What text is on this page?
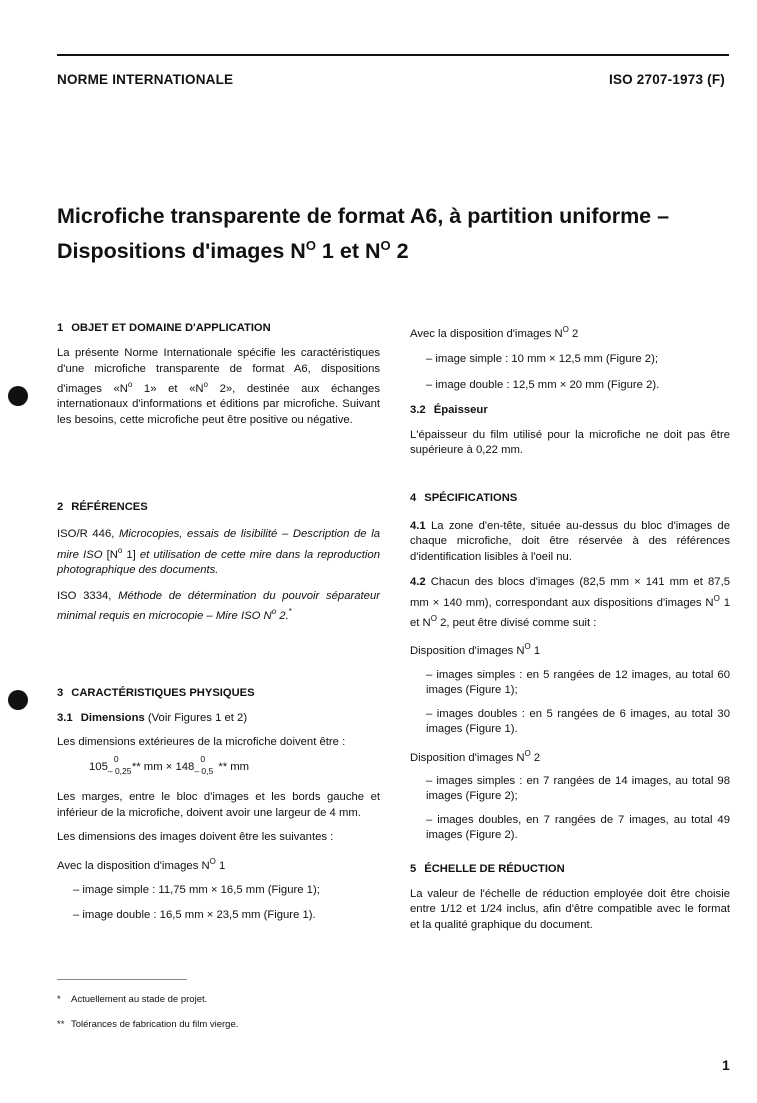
NORME INTERNATIONALE	ISO 2707-1973 (F)
Microfiche transparente de format A6, à partition uniforme –
Dispositions d'images $N^O$ 1 et $N^O$ 2

1 OBJET ET DOMAINE D'APPLICATION

La présente Norme Internationale spécifie les caractéristiques d'une microfiche transparente de format A6, dispositions d'images «$N^o$ 1» et «$N^o$ 2», destinée aux échanges internationaux d'informations et éditions par microfiche. Suivant les besoins, cette microfiche peut être positive ou négative.

2 RÉFÉRENCES

ISO/R 446, Microcopies, essais de lisibilité – Description de la mire ISO [$N^o$ 1] et utilisation de cette mire dans la reproduction photographique des documents.

ISO 3334, Méthode de détermination du pouvoir séparateur minimal requis en microcopie – Mire ISO $N^o$ 2.*

3 CARACTÉRISTIQUES PHYSIQUES

3.1 Dimensions (Voir Figures 1 et 2)

Les dimensions extérieures de la microfiche doivent être :

105
0
– 0,25 ** mm × 148
0
– 0,5 ** mm

Les marges, entre le bloc d'images et les bords gauche et inférieur de la microfiche, doivent avoir une largeur de 4 mm.

Les dimensions des images doivent être les suivantes :

Avec la disposition d'images $N^O$ 1

– image simple : 11,75 mm × 16,5 mm (Figure 1);

– image double : 16,5 mm × 23,5 mm (Figure 1).

Avec la disposition d'images $N^O$ 2

– image simple : 10 mm × 12,5 mm (Figure 2);

– image double : 12,5 mm × 20 mm (Figure 2).

3.2 Épaisseur

L'épaisseur du film utilisé pour la microfiche ne doit pas être supérieure à 0,22 mm.

4 SPÉCIFICATIONS

4.1 La zone d'en-tête, située au-dessus du bloc d'images de chaque microfiche, doit être réservée à des références d'identification lisibles à l'oeil nu.

4.2 Chacun des blocs d'images (82,5 mm × 141 mm et 87,5 mm × 140 mm), correspondant aux dispositions d'images $N^O$ 1 et $N^O$ 2, peut être divisé comme suit :

Disposition d'images $N^O$ 1

– images simples : en 5 rangées de 12 images, au total 60 images (Figure 1);

– images doubles : en 5 rangées de 6 images, au total 30 images (Figure 1).

Disposition d'images $N^O$ 2

– images simples : en 7 rangées de 14 images, au total 98 images (Figure 2);

– images doubles, en 7 rangées de 7 images, au total 49 images (Figure 2).

5 ÉCHELLE DE RÉDUCTION

La valeur de l'échelle de réduction employée doit être choisie entre 1/12 et 1/24 inclus, afin d'être compatible avec le format et la qualité graphique du document.

* Actuellement au stade de projet.
** Tolérances de fabrication du film vierge.
1
